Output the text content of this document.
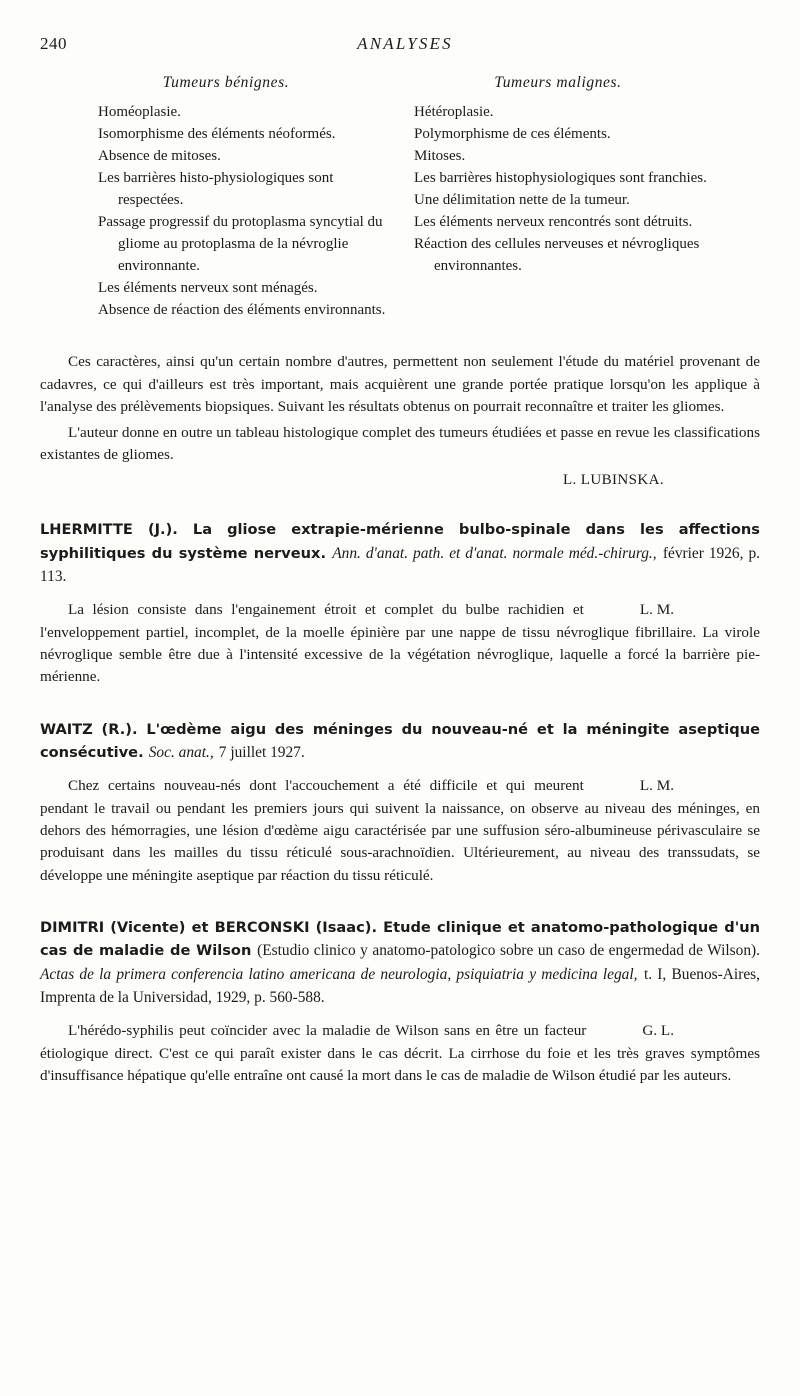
240	ANALYSES
Tumeurs bénignes.
Homéoplasie.
Isomorphisme des éléments néoformés.
Absence de mitoses.
Les barrières histo-physiologiques sont respectées.
Passage progressif du protoplasma syncytial du gliome au protoplasma de la névroglie environnante.
Les éléments nerveux sont ménagés.
Absence de réaction des éléments environnants.
Tumeurs malignes.
Hétéroplasie.
Polymorphisme de ces éléments.
Mitoses.
Les barrières histophysiologiques sont franchies.
Une délimitation nette de la tumeur.
Les éléments nerveux rencontrés sont détruits.
Réaction des cellules nerveuses et névrogliques environnantes.
Ces caractères, ainsi qu'un certain nombre d'autres, permettent non seulement l'étude du matériel provenant de cadavres, ce qui d'ailleurs est très important, mais acquièrent une grande portée pratique lorsqu'on les applique à l'analyse des prélèvements biopsiques. Suivant les résultats obtenus on pourrait reconnaître et traiter les gliomes.
L'auteur donne en outre un tableau histologique complet des tumeurs étudiées et passe en revue les classifications existantes de gliomes.
L. LUBINSKA.
LHERMITTE (J.). La gliose extrapie-mérienne bulbo-spinale dans les affections syphilitiques du système nerveux. Ann. d'anat. path. et d'anat. normale méd.-chirurg., février 1926, p. 113.
L. M.
La lésion consiste dans l'engainement étroit et complet du bulbe rachidien et l'enveloppement partiel, incomplet, de la moelle épinière par une nappe de tissu névroglique fibrillaire. La virole névroglique semble être due à l'intensité excessive de la végétation névroglique, laquelle a forcé la barrière pie-mérienne.
WAITZ (R.). L'œdème aigu des méninges du nouveau-né et la méningite aseptique consécutive. Soc. anat., 7 juillet 1927.
L. M.
Chez certains nouveau-nés dont l'accouchement a été difficile et qui meurent pendant le travail ou pendant les premiers jours qui suivent la naissance, on observe au niveau des méninges, en dehors des hémorragies, une lésion d'œdème aigu caractérisée par une suffusion séro-albumineuse périvasculaire se produisant dans les mailles du tissu réticulé sous-arachnoïdien. Ultérieurement, au niveau des transsudats, se développe une méningite aseptique par réaction du tissu réticulé.
DIMITRI (Vicente) et BERCONSKI (Isaac). Etude clinique et anatomo-pathologique d'un cas de maladie de Wilson (Estudio clinico y anatomo-patologico sobre un caso de engermedad de Wilson). Actas de la primera conferencia latino americana de neurologia, psiquiatria y medicina legal, t. I, Buenos-Aires, Imprenta de la Universidad, 1929, p. 560-588.
G. L.
L'hérédo-syphilis peut coïncider avec la maladie de Wilson sans en être un facteur étiologique direct. C'est ce qui paraît exister dans le cas décrit. La cirrhose du foie et les très graves symptômes d'insuffisance hépatique qu'elle entraîne ont causé la mort dans le cas de maladie de Wilson étudié par les auteurs.
